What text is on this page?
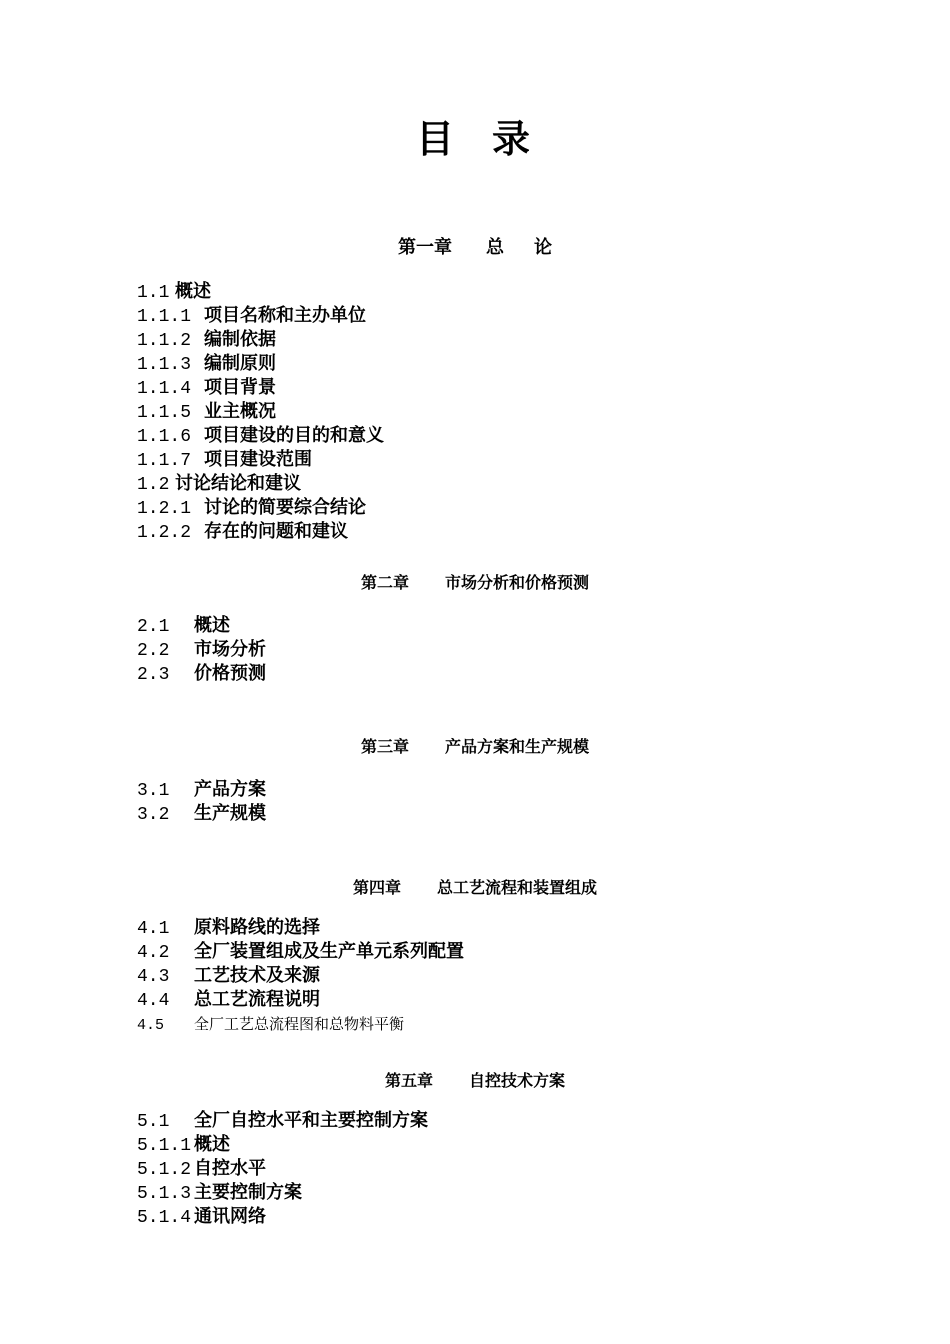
目 录
第一章 总 论
1.1 概述
1.1.1 项目名称和主办单位
1.1.2 编制依据
1.1.3 编制原则
1.1.4 项目背景
1.1.5 业主概况
1.1.6 项目建设的目的和意义
1.1.7 项目建设范围
1.2 讨论结论和建议
1.2.1 讨论的简要综合结论
1.2.2 存在的问题和建议
第二章 市场分析和价格预测
2.1 概述
2.2 市场分析
2.3 价格预测
第三章 产品方案和生产规模
3.1 产品方案
3.2 生产规模
第四章 总工艺流程和装置组成
4.1 原料路线的选择
4.2 全厂装置组成及生产单元系列配置
4.3 工艺技术及来源
4.4 总工艺流程说明
4.5 全厂工艺总流程图和总物料平衡
第五章 自控技术方案
5.1 全厂自控水平和主要控制方案
5.1.1 概述
5.1.2 自控水平
5.1.3 主要控制方案
5.1.4 通讯网络
